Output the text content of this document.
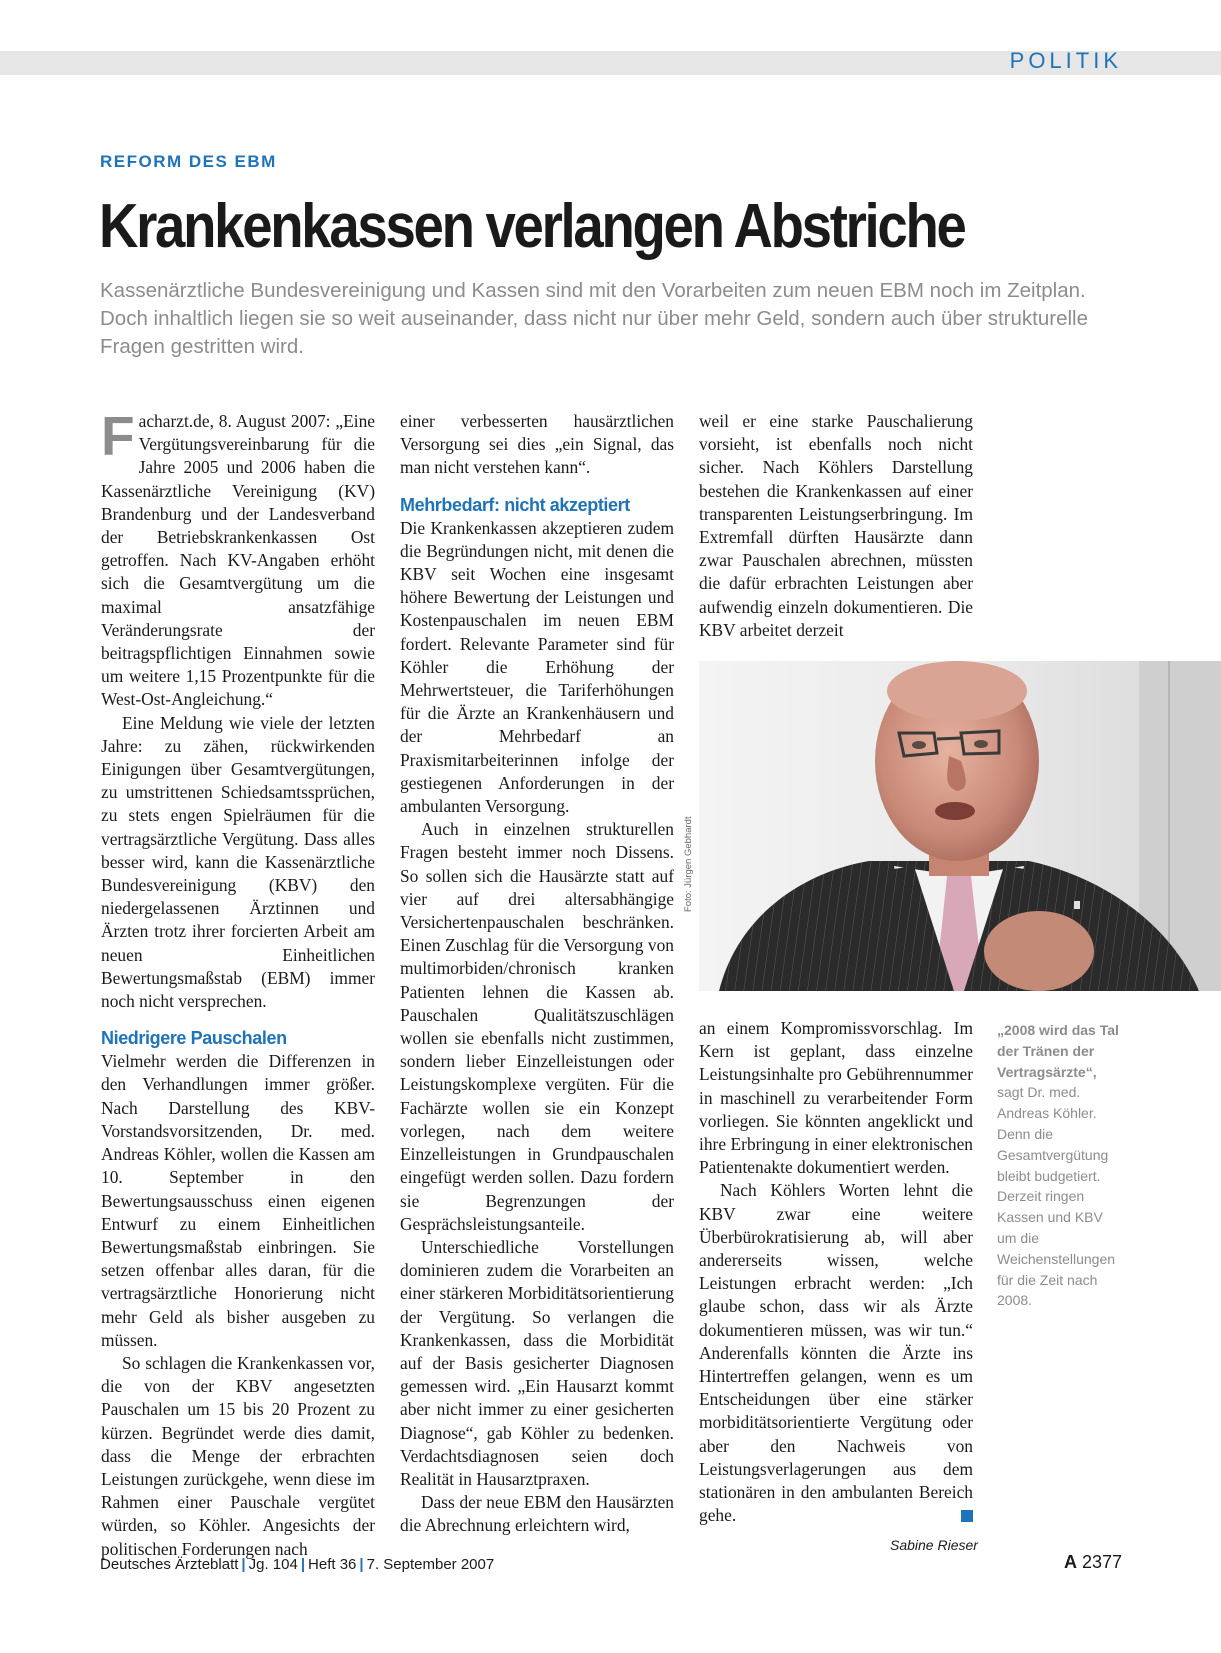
POLITIK
REFORM DES EBM
Krankenkassen verlangen Abstriche
Kassenärztliche Bundesvereinigung und Kassen sind mit den Vorarbeiten zum neuen EBM noch im Zeitplan. Doch inhaltlich liegen sie so weit auseinander, dass nicht nur über mehr Geld, sondern auch über strukturelle Fragen gestritten wird.

Facharzt.de, 8. August 2007: „Eine Vergütungsvereinbarung für die Jahre 2005 und 2006 haben die Kassenärztliche Vereinigung (KV) Brandenburg und der Landesverband der Betriebskrankenkassen Ost getroffen. Nach KV-Angaben erhöht sich die Gesamtvergütung um die maximal ansatzfähige Veränderungsrate der beitragspflichtigen Einnahmen sowie um weitere 1,15 Prozentpunkte für die West-Ost-Angleichung.“

Eine Meldung wie viele der letzten Jahre: zu zähen, rückwirkenden Einigungen über Gesamtvergütungen, zu umstrittenen Schiedsamtssprüchen, zu stets engen Spielräumen für die vertragsärztliche Vergütung. Dass alles besser wird, kann die Kassenärztliche Bundesvereinigung (KBV) den niedergelassenen Ärztinnen und Ärzten trotz ihrer forcierten Arbeit am neuen Einheitlichen Bewertungsmaßstab (EBM) immer noch nicht versprechen.

Niedrigere Pauschalen

Vielmehr werden die Differenzen in den Verhandlungen immer größer. Nach Darstellung des KBV-Vorstandsvorsitzenden, Dr. med. Andreas Köhler, wollen die Kassen am 10. September in den Bewertungsausschuss einen eigenen Entwurf zu einem Einheitlichen Bewertungsmaßstab einbringen. Sie setzen offenbar alles daran, für die vertragsärztliche Honorierung nicht mehr Geld als bisher ausgeben zu müssen.

So schlagen die Krankenkassen vor, die von der KBV angesetzten Pauschalen um 15 bis 20 Prozent zu kürzen. Begründet werde dies damit, dass die Menge der erbrachten Leistungen zurückgehe, wenn diese im Rahmen einer Pauschale vergütet würden, so Köhler. Angesichts der politischen Forderungen nach

einer verbesserten hausärztlichen Versorgung sei dies „ein Signal, das man nicht verstehen kann“.

Mehrbedarf: nicht akzeptiert

Die Krankenkassen akzeptieren zudem die Begründungen nicht, mit denen die KBV seit Wochen eine insgesamt höhere Bewertung der Leistungen und Kostenpauschalen im neuen EBM fordert. Relevante Parameter sind für Köhler die Erhöhung der Mehrwertsteuer, die Tariferhöhungen für die Ärzte an Krankenhäusern und der Mehrbedarf an Praxismitarbeiterinnen infolge der gestiegenen Anforderungen in der ambulanten Versorgung.

Auch in einzelnen strukturellen Fragen besteht immer noch Dissens. So sollen sich die Hausärzte statt auf vier auf drei altersabhängige Versichertenpauschalen beschränken. Einen Zuschlag für die Versorgung von multimorbiden/chronisch kranken Patienten lehnen die Kassen ab. Pauschalen Qualitätszuschlägen wollen sie ebenfalls nicht zustimmen, sondern lieber Einzelleistungen oder Leistungskomplexe vergüten. Für die Fachärzte wollen sie ein Konzept vorlegen, nach dem weitere Einzelleistungen in Grundpauschalen eingefügt werden sollen. Dazu fordern sie Begrenzungen der Gesprächsleistungsanteile.

Unterschiedliche Vorstellungen dominieren zudem die Vorarbeiten an einer stärkeren Morbiditätsorientierung der Vergütung. So verlangen die Krankenkassen, dass die Morbidität auf der Basis gesicherter Diagnosen gemessen wird. „Ein Hausarzt kommt aber nicht immer zu einer gesicherten Diagnose“, gab Köhler zu bedenken. Verdachtsdiagnosen seien doch Realität in Hausarztpraxen.

Dass der neue EBM den Hausärzten die Abrechnung erleichtern wird,

weil er eine starke Pauschalierung vorsieht, ist ebenfalls noch nicht sicher. Nach Köhlers Darstellung bestehen die Krankenkassen auf einer transparenten Leistungserbringung. Im Extremfall dürften Hausärzte dann zwar Pauschalen abrechnen, müssten die dafür erbrachten Leistungen aber aufwendig einzeln dokumentieren. Die KBV arbeitet derzeit

Foto: Jürgen Gebhardt
„2008 wird das Tal der Tränen der Vertragsärzte“, sagt Dr. med. Andreas Köhler. Denn die Gesamtvergütung bleibt budgetiert. Derzeit ringen Kassen und KBV um die Weichenstellungen für die Zeit nach 2008.

an einem Kompromissvorschlag. Im Kern ist geplant, dass einzelne Leistungsinhalte pro Gebührennummer in maschinell zu verarbeitender Form vorliegen. Sie könnten angeklickt und ihre Erbringung in einer elektronischen Patientenakte dokumentiert werden.

Nach Köhlers Worten lehnt die KBV zwar eine weitere Überbürokratisierung ab, will aber andererseits wissen, welche Leistungen erbracht werden: „Ich glaube schon, dass wir als Ärzte dokumentieren müssen, was wir tun.“ Anderenfalls könnten die Ärzte ins Hintertreffen gelangen, wenn es um Entscheidungen über eine stärker morbiditätsorientierte Vergütung oder aber den Nachweis von Leistungsverlagerungen aus dem stationären in den ambulanten Bereich gehe.

Sabine Rieser
Deutsches Ärzteblatt | Jg. 104 | Heft 36 | 7. September 2007	A 2377
